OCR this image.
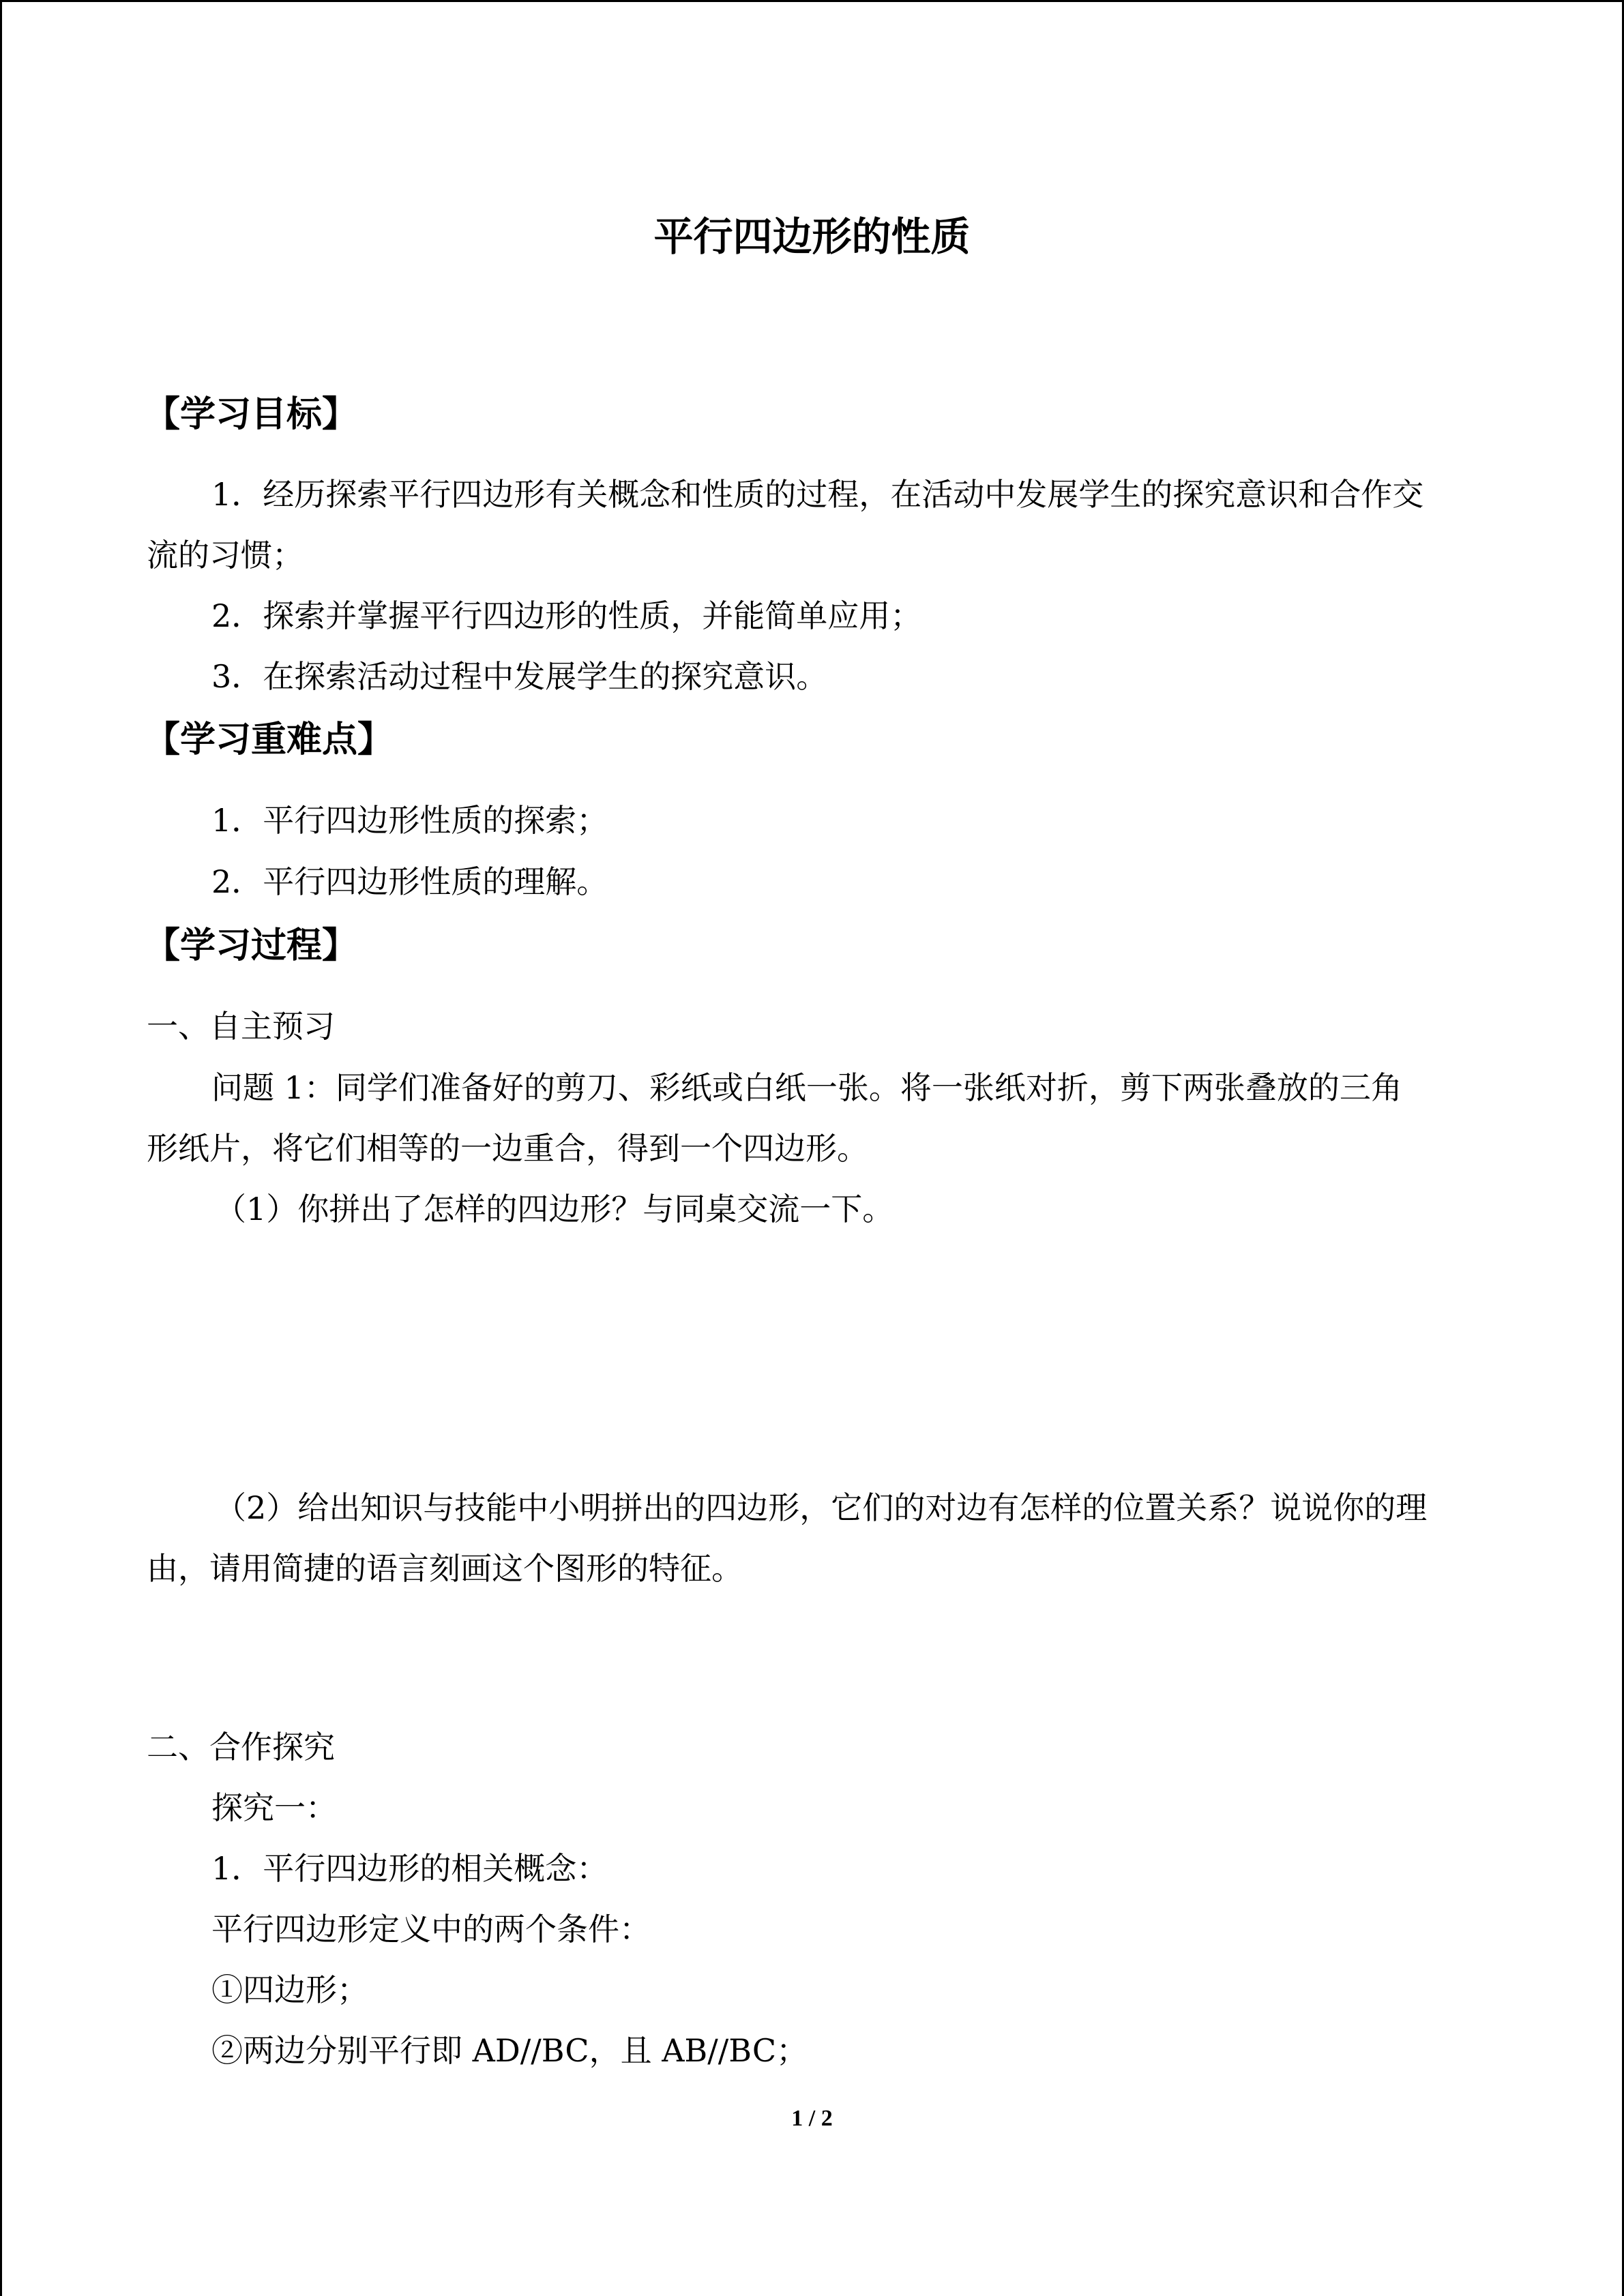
平行四边形的性质
【学习目标】
1．经历探索平行四边形有关概念和性质的过程，在活动中发展学生的探究意识和合作交
流的习惯；
2．探索并掌握平行四边形的性质，并能简单应用；
3．在探索活动过程中发展学生的探究意识。
【学习重难点】
1．平行四边形性质的探索；
2．平行四边形性质的理解。
【学习过程】
一、自主预习
问题 1：同学们准备好的剪刀、彩纸或白纸一张。将一张纸对折，剪下两张叠放的三角
形纸片，将它们相等的一边重合，得到一个四边形。
（1）你拼出了怎样的四边形？与同桌交流一下。
（2）给出知识与技能中小明拼出的四边形，它们的对边有怎样的位置关系？说说你的理
由，请用简捷的语言刻画这个图形的特征。
二、合作探究
探究一：
1．平行四边形的相关概念：
平行四边形定义中的两个条件：
①四边形；
②两边分别平行即 AD//BC，且 AB//BC；
1 / 2
